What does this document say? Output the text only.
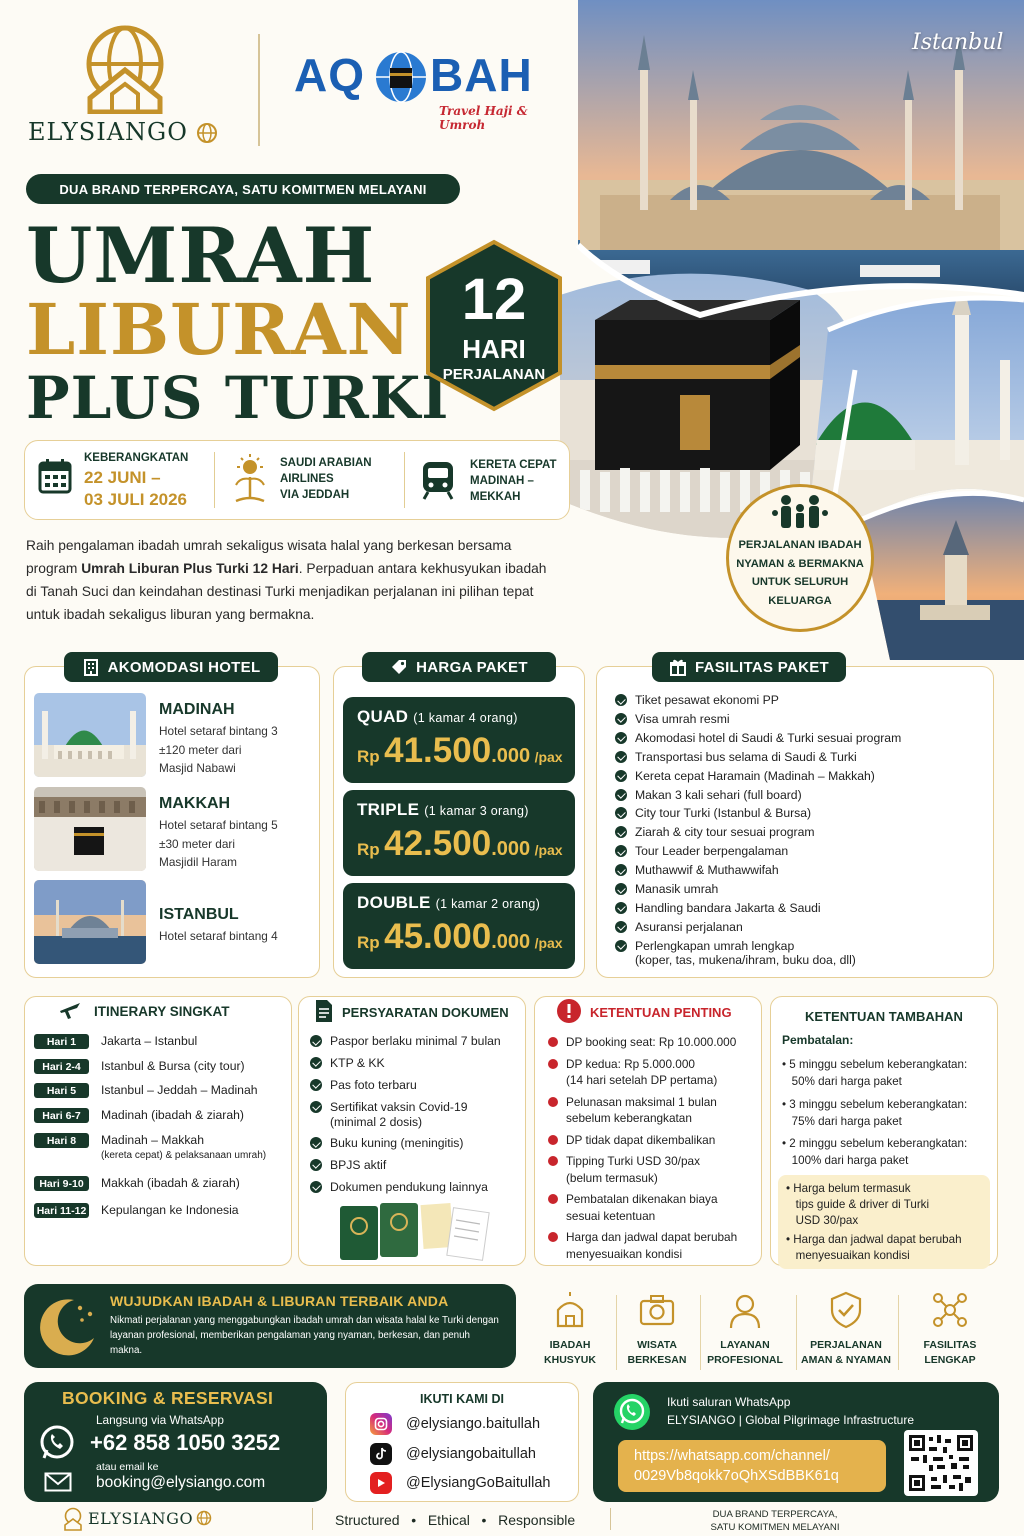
Istanbul
ELYSIANGO
AQ BAH
Travel Haji & Umroh
DUA BRAND TERPERCAYA, SATU KOMITMEN MELAYANI
UMRAH
LIBURAN
PLUS TURKI
12
HARI
PERJALANAN
KEBERANGKATAN
22 JUNI –
03 JULI 2026
SAUDI ARABIAN
AIRLINES
VIA JEDDAH
KERETA CEPAT
MADINAH –
MEKKAH
PERJALANAN IBADAH NYAMAN & BERMAKNA UNTUK SELURUH KELUARGA
Raih pengalaman ibadah umrah sekaligus wisata halal yang berkesan bersama program Umrah Liburan Plus Turki 12 Hari. Perpaduan antara kekhusyukan ibadah di Tanah Suci dan keindahan destinasi Turki menjadikan perjalanan ini pilihan tepat untuk ibadah sekaligus liburan yang bermakna.
AKOMODASI HOTEL
MADINAH
Hotel setaraf bintang 3
±120 meter dari
Masjid Nabawi
MAKKAH
Hotel setaraf bintang 5
±30 meter dari
Masjidil Haram
ISTANBUL
Hotel setaraf bintang 4
HARGA PAKET
QUAD (1 kamar 4 orang)
Rp 41.500.000 /pax
TRIPLE (1 kamar 3 orang)
Rp 42.500.000 /pax
DOUBLE (1 kamar 2 orang)
Rp 45.000.000 /pax
FASILITAS PAKET
Tiket pesawat ekonomi PP
Visa umrah resmi
Akomodasi hotel di Saudi & Turki sesuai program
Transportasi bus selama di Saudi & Turki
Kereta cepat Haramain (Madinah – Makkah)
Makan 3 kali sehari (full board)
City tour Turki (Istanbul & Bursa)
Ziarah & city tour sesuai program
Tour Leader berpengalaman
Muthawwif & Muthawwifah
Manasik umrah
Handling bandara Jakarta & Saudi
Asuransi perjalanan
Perlengkapan umrah lengkap
(koper, tas, mukena/ihram, buku doa, dll)
ITINERARY SINGKAT
Hari 1	Jakarta – Istanbul
Hari 2-4	Istanbul & Bursa (city tour)
Hari 5	Istanbul – Jeddah – Madinah
Hari 6-7	Madinah (ibadah & ziarah)
Hari 8	Madinah – Makkah
(kereta cepat) & pelaksanaan umrah)
Hari 9-10	Makkah (ibadah & ziarah)
Hari 11-12 Kepulangan ke Indonesia
PERSYARATAN DOKUMEN
Paspor berlaku minimal 7 bulan
KTP & KK
Pas foto terbaru
Sertifikat vaksin Covid-19
(minimal 2 dosis)
Buku kuning (meningitis)
BPJS aktif
Dokumen pendukung lainnya
KETENTUAN PENTING
DP booking seat: Rp 10.000.000
DP kedua: Rp 5.000.000
(14 hari setelah DP pertama)
Pelunasan maksimal 1 bulan
sebelum keberangkatan
DP tidak dapat dikembalikan
Tipping Turki USD 30/pax
(belum termasuk)
Pembatalan dikenakan biaya
sesuai ketentuan
Harga dan jadwal dapat berubah
menyesuaikan kondisi
KETENTUAN TAMBAHAN
Pembatalan:
• 5 minggu sebelum keberangkatan:
50% dari harga paket
• 3 minggu sebelum keberangkatan:
75% dari harga paket
• 2 minggu sebelum keberangkatan:
100% dari harga paket
• Harga belum termasuk
tips guide & driver di Turki
USD 30/pax
• Harga dan jadwal dapat berubah
menyesuaikan kondisi
WUJUDKAN IBADAH & LIBURAN TERBAIK ANDA
Nikmati perjalanan yang menggabungkan ibadah umrah dan wisata halal ke Turki dengan layanan profesional, memberikan pengalaman yang nyaman, berkesan, dan penuh makna.	IBADAH
KHUSYUK
WISATA
BERKESAN
LAYANAN
PROFESIONAL
PERJALANAN
AMAN & NYAMAN
FASILITAS
LENGKAP
BOOKING & RESERVASI
Langsung via WhatsApp
+62 858 1050 3252
atau email ke
booking@elysiango.com
IKUTI KAMI DI
@elysiango.baitullah
@elysiangobaitullah
@ElysiangGoBaitullah
Ikuti saluran WhatsApp
ELYSIANGO | Global Pilgrimage Infrastructure
https://whatsapp.com/channel/
0029Vb8qokk7oQhXSdBBK61q
ELYSIANGO	Structured • Ethical • Responsible	DUA BRAND TERPERCAYA,
SATU KOMITMEN MELAYANI
